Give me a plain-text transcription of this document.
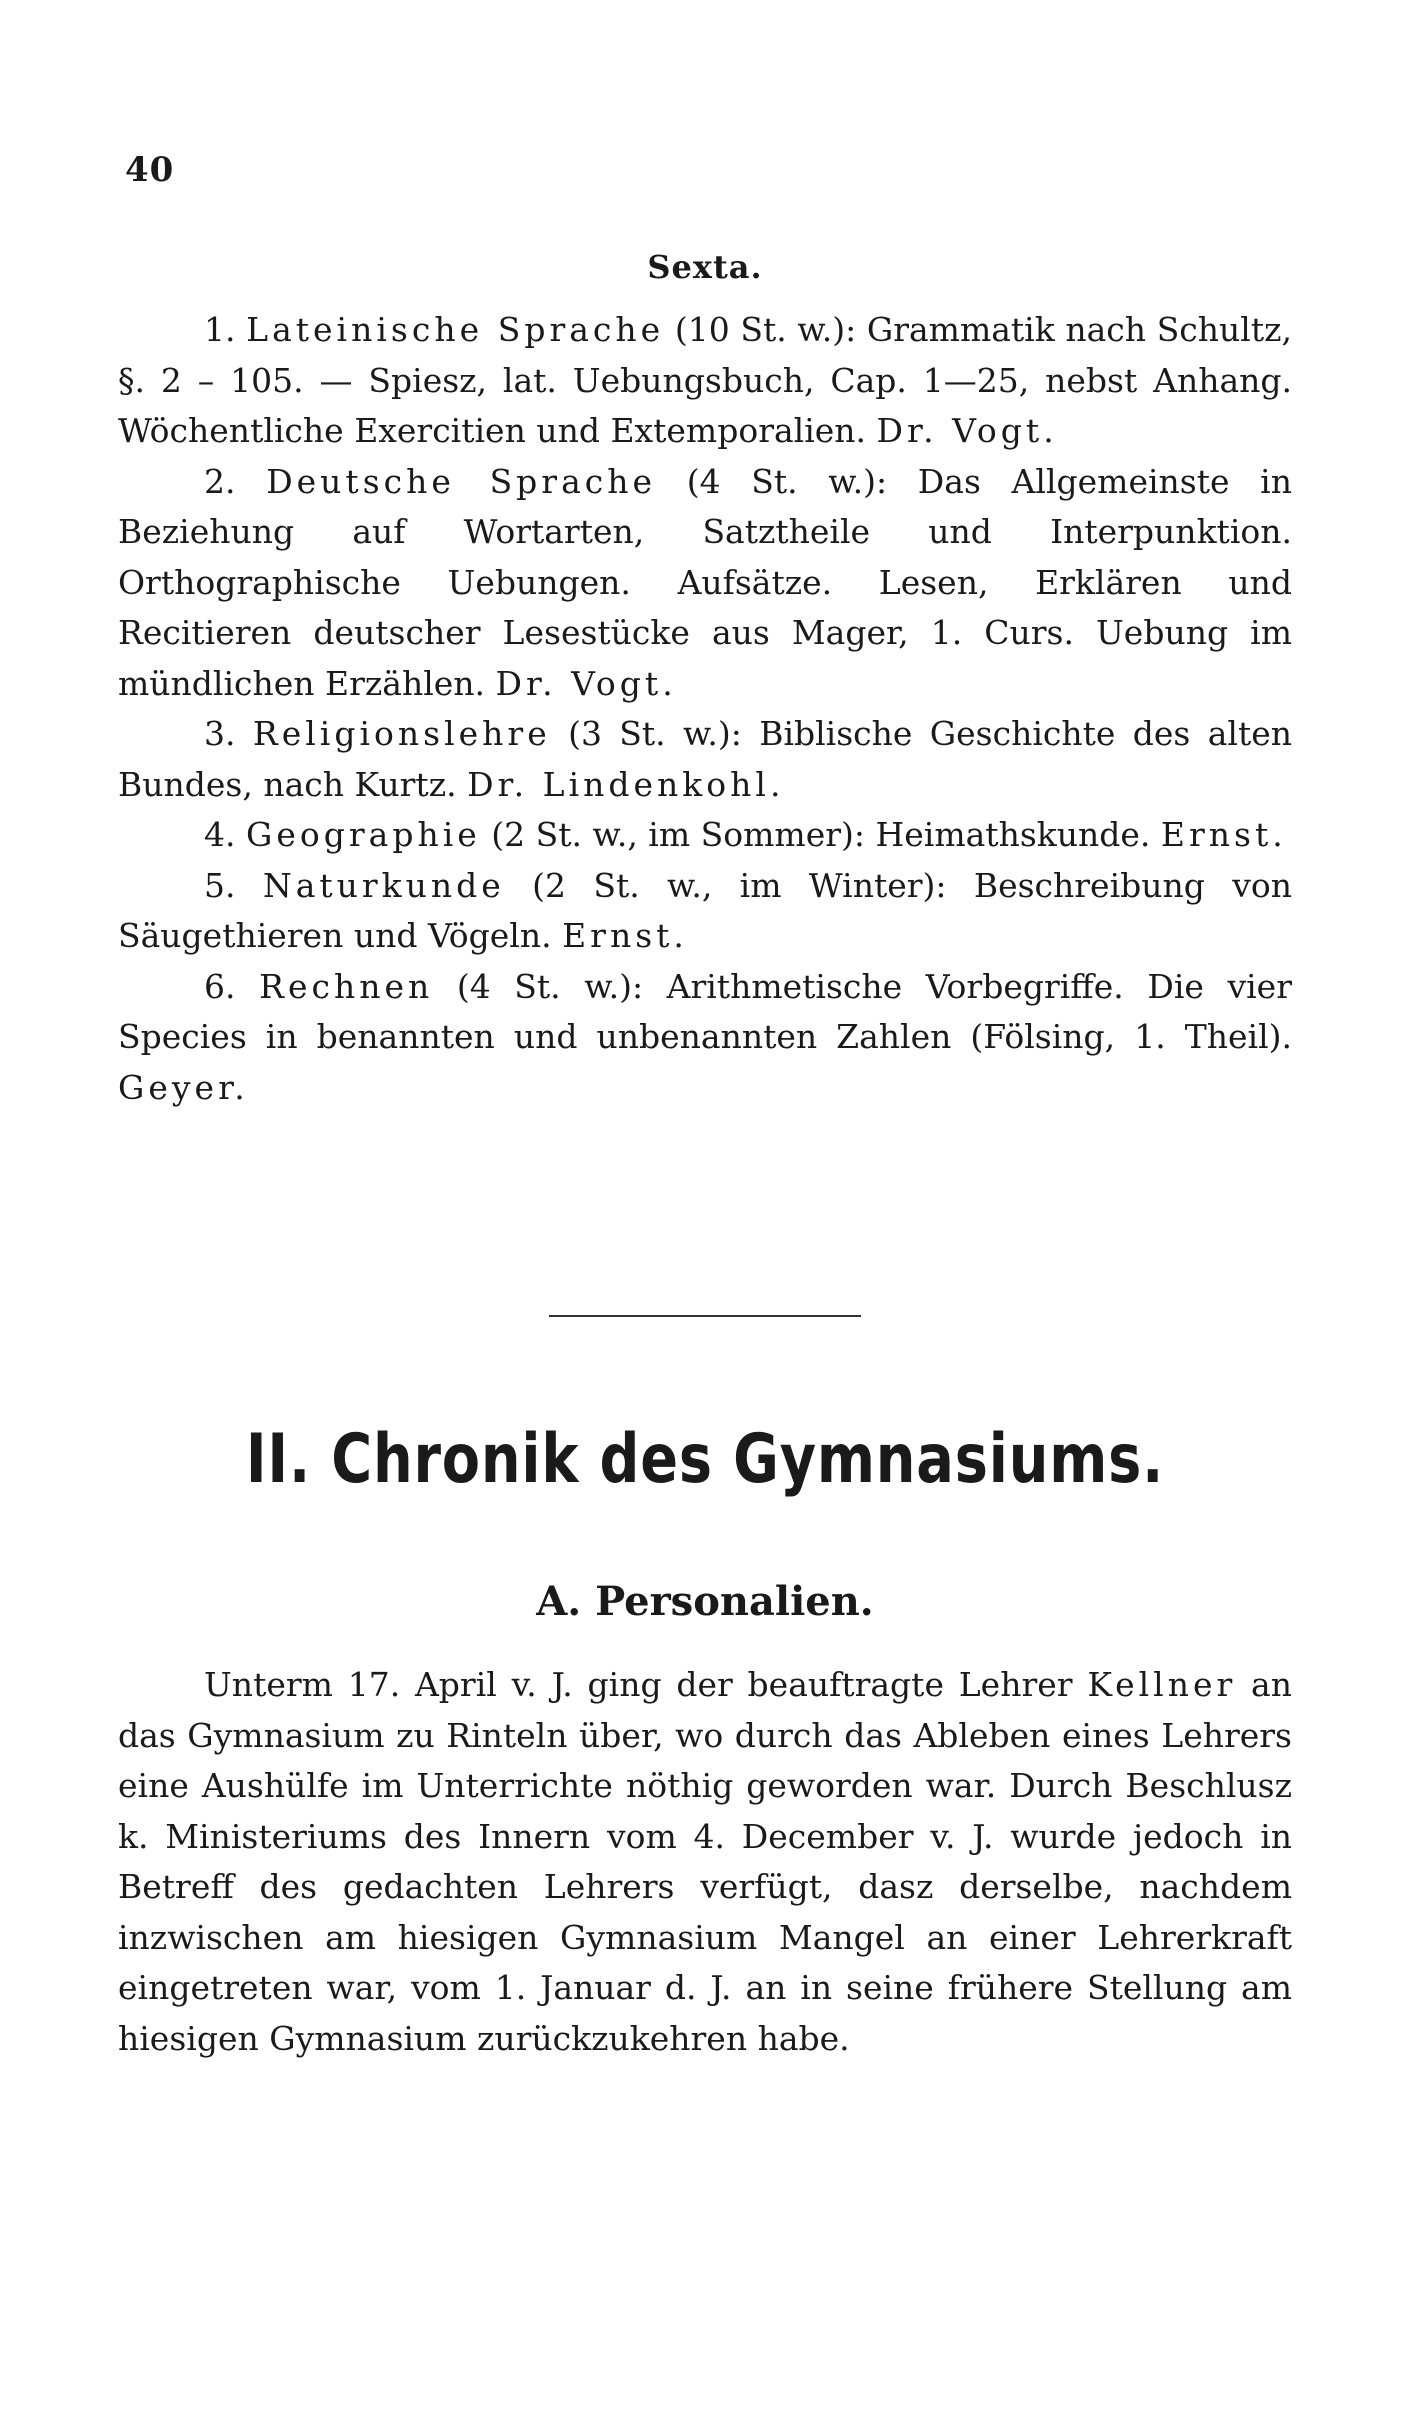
40
Sexta.

1. Lateinische Sprache (10 St. w.): Grammatik nach Schultz, §. 2 – 105. — Spiesz, lat. Uebungsbuch, Cap. 1—25, nebst Anhang. Wöchentliche Exercitien und Extemporalien. Dr. Vogt.

2. Deutsche Sprache (4 St. w.): Das Allgemeinste in Beziehung auf Wortarten, Satztheile und Interpunktion. Orthographische Uebungen. Aufsätze. Lesen, Erklären und Recitieren deutscher Lesestücke aus Mager, 1. Curs. Uebung im mündlichen Erzählen. Dr. Vogt.

3. Religionslehre (3 St. w.): Biblische Geschichte des alten Bundes, nach Kurtz. Dr. Lindenkohl.

4. Geographie (2 St. w., im Sommer): Heimathskunde. Ernst.

5. Naturkunde (2 St. w., im Winter): Beschreibung von Säugethieren und Vögeln. Ernst.

6. Rechnen (4 St. w.): Arithmetische Vorbegriffe. Die vier Species in benannten und unbenannten Zahlen (Fölsing, 1. Theil). Geyer.

II. Chronik des Gymnasiums.
A. Personalien.

Unterm 17. April v. J. ging der beauftragte Lehrer Kellner an das Gymnasium zu Rinteln über, wo durch das Ableben eines Lehrers eine Aushülfe im Unterrichte nöthig geworden war. Durch Beschlusz k. Ministeriums des Innern vom 4. December v. J. wurde jedoch in Betreff des gedachten Lehrers verfügt, dasz derselbe, nachdem inzwischen am hiesigen Gymnasium Mangel an einer Lehrerkraft eingetreten war, vom 1. Januar d. J. an in seine frühere Stellung am hiesigen Gymnasium zurückzukehren habe.
